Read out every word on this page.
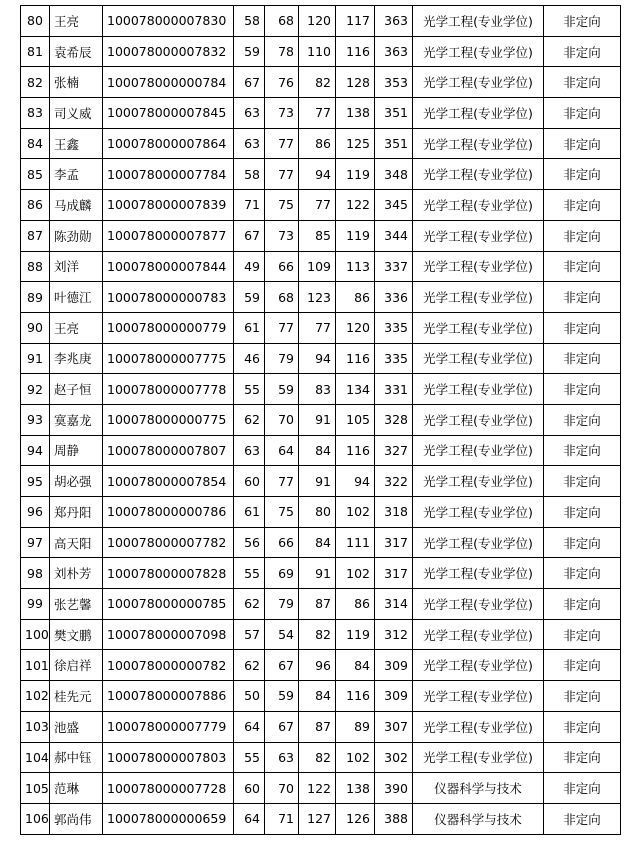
80	王亮	100078000007830	58	68	120	117	363	光学工程(专业学位)	非定向
81	袁希辰	100078000007832	59	78	110	116	363	光学工程(专业学位)	非定向
82	张楠	100078000000784	67	76	82	128	353	光学工程(专业学位)	非定向
83	司义威	100078000007845	63	73	77	138	351	光学工程(专业学位)	非定向
84	王鑫	100078000007864	63	77	86	125	351	光学工程(专业学位)	非定向
85	李孟	100078000007784	58	77	94	119	348	光学工程(专业学位)	非定向
86	马成麟	100078000007839	71	75	77	122	345	光学工程(专业学位)	非定向
87	陈劲勋	100078000007877	67	73	85	119	344	光学工程(专业学位)	非定向
88	刘洋	100078000007844	49	66	109	113	337	光学工程(专业学位)	非定向
89	叶德江	100078000000783	59	68	123	86	336	光学工程(专业学位)	非定向
90	王亮	100078000000779	61	77	77	120	335	光学工程(专业学位)	非定向
91	李兆庚	100078000007775	46	79	94	116	335	光学工程(专业学位)	非定向
92	赵子恒	100078000007778	55	59	83	134	331	光学工程(专业学位)	非定向
93	寞嘉龙	100078000000775	62	70	91	105	328	光学工程(专业学位)	非定向
94	周静	100078000007807	63	64	84	116	327	光学工程(专业学位)	非定向
95	胡必强	100078000007854	60	77	91	94	322	光学工程(专业学位)	非定向
96	郑丹阳	100078000000786	61	75	80	102	318	光学工程(专业学位)	非定向
97	高天阳	100078000007782	56	66	84	111	317	光学工程(专业学位)	非定向
98	刘朴芳	100078000007828	55	69	91	102	317	光学工程(专业学位)	非定向
99	张艺馨	100078000000785	62	79	87	86	314	光学工程(专业学位)	非定向
100	樊文鹏	100078000007098	57	54	82	119	312	光学工程(专业学位)	非定向
101	徐启祥	100078000000782	62	67	96	84	309	光学工程(专业学位)	非定向
102	桂先元	100078000007886	50	59	84	116	309	光学工程(专业学位)	非定向
103	池盛	100078000007779	64	67	87	89	307	光学工程(专业学位)	非定向
104	郝中钰	100078000007803	55	63	82	102	302	光学工程(专业学位)	非定向
105	范琳	100078000007728	60	70	122	138	390	仪器科学与技术	非定向
106	郭尚伟	100078000000659	64	71	127	126	388	仪器科学与技术	非定向
